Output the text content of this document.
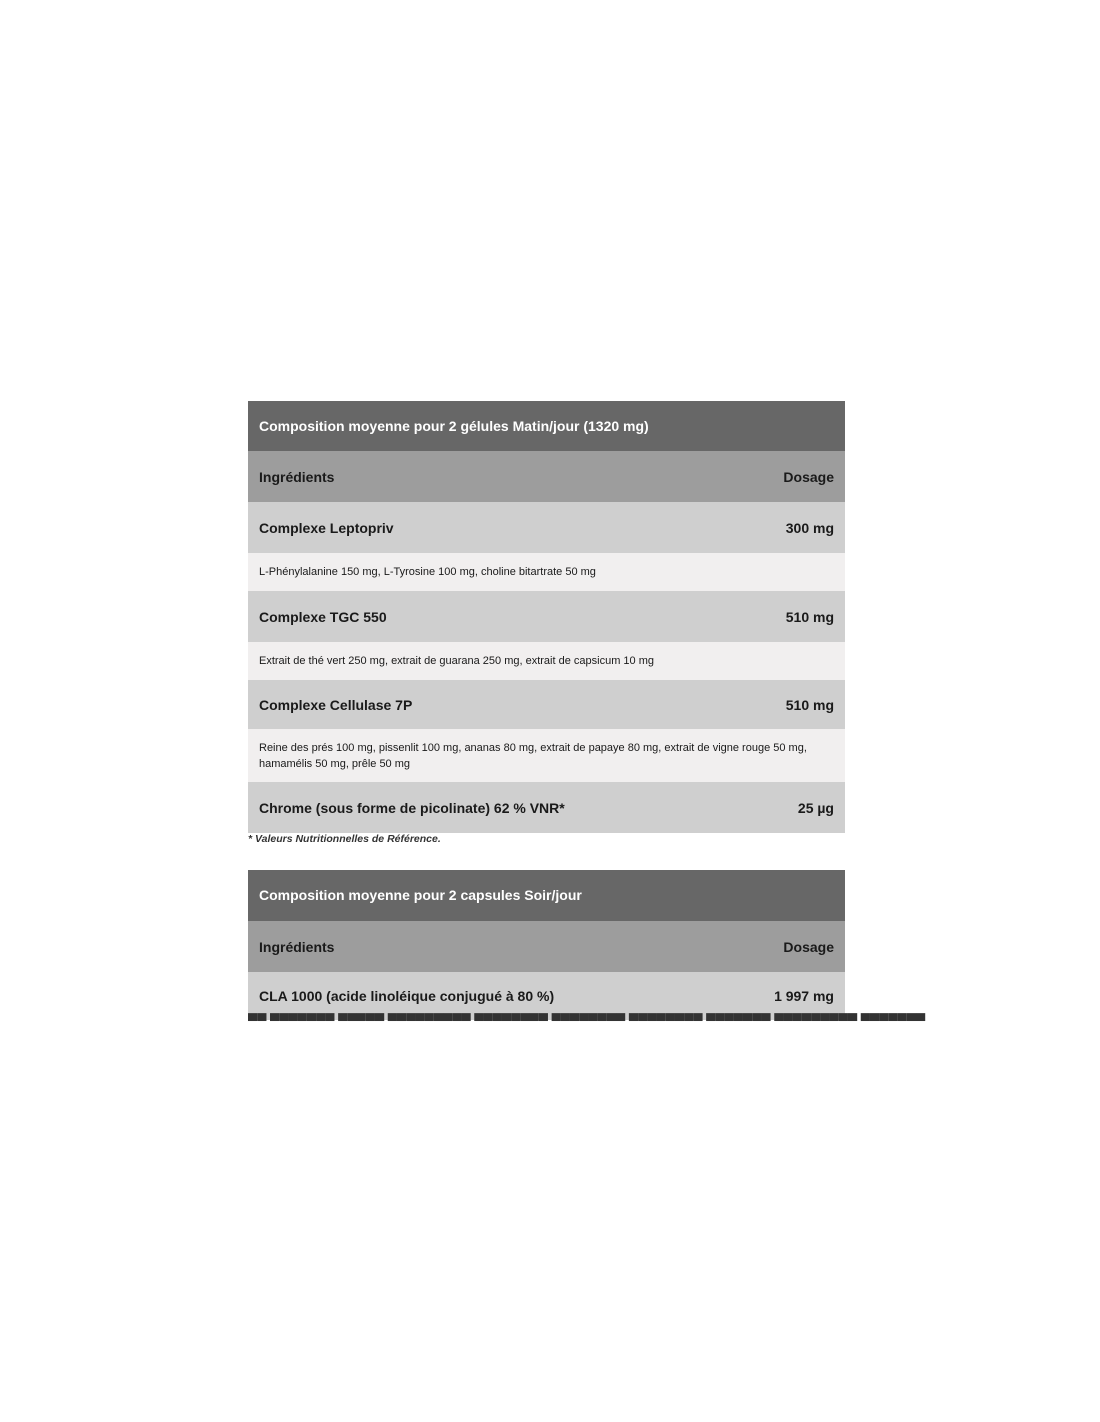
Composition moyenne pour 2 gélules Matin/jour (1320 mg)
Ingrédients	Dosage
Complexe Leptopriv	300 mg
L-Phénylalanine 150 mg, L-Tyrosine 100 mg, choline bitartrate 50 mg
Complexe TGC 550	510 mg
Extrait de thé vert 250 mg, extrait de guarana 250 mg, extrait de capsicum 10 mg
Complexe Cellulase 7P	510 mg
Reine des prés 100 mg, pissenlit 100 mg, ananas 80 mg, extrait de papaye 80 mg, extrait de vigne rouge 50 mg, hamamélis 50 mg, prêle 50 mg
Chrome (sous forme de picolinate) 62 % VNR*	25 µg
* Valeurs Nutritionnelles de Référence.
Composition moyenne pour 2 capsules Soir/jour
Ingrédients	Dosage
CLA 1000 (acide linoléique conjugué à 80 %)	1 997 mg
▀▀ ▀▀▀▀▀▀▀ ▀▀▀▀▀ ▀▀▀▀▀▀▀▀▀ ▀▀▀▀▀▀▀▀ ▀▀▀▀▀▀▀▀ ▀▀▀▀▀▀▀▀ ▀▀▀▀▀▀▀ ▀▀▀▀▀▀▀▀▀ ▀▀▀▀▀▀▀
